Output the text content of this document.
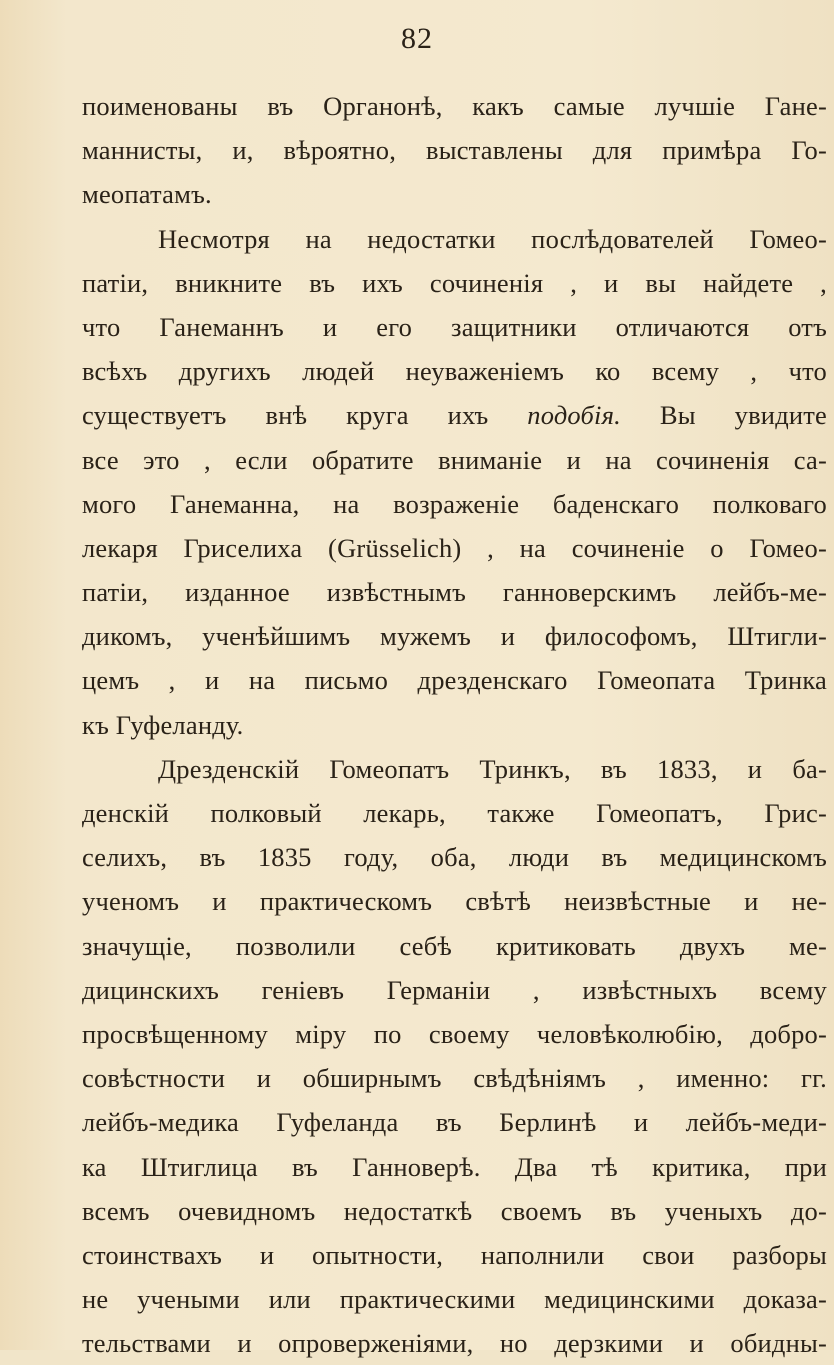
82
поименованы въ Органонѣ, какъ самые лучшіе Гане-
маннисты, и, вѣроятно, выставлены для примѣра Го-
меопатамъ.
Несмотря на недостатки послѣдователей Гомео-
патіи, вникните въ ихъ сочиненія , и вы найдете ,
что Ганеманнъ и его защитники отличаются отъ
всѣхъ другихъ людей неуваженіемъ ко всему , что
существуетъ внѣ круга ихъ подобія. Вы увидите
все это , если обратите вниманіе и на сочиненія са-
мого Ганеманна, на возраженіе баденскаго полковаго
лекаря Гриселиха (Grüsselich) , на сочиненіе о Гомео-
патіи, изданное извѣстнымъ ганноверскимъ лейбъ-ме-
дикомъ, ученѣйшимъ мужемъ и философомъ, Штигли-
цемъ , и на письмо дрезденскаго Гомеопата Тринка
къ Гуфеланду.
Дрезденскій Гомеопатъ Тринкъ, въ 1833, и ба-
денскій полковый лекарь, также Гомеопатъ, Грис-
селихъ, въ 1835 году, оба, люди въ медицинскомъ
ученомъ и практическомъ свѣтѣ неизвѣстные и не-
значущіе, позволили себѣ критиковать двухъ ме-
дицинскихъ геніевъ Германіи , извѣстныхъ всему
просвѣщенному міру по своему человѣколюбію, добро-
совѣстности и обширнымъ свѣдѣніямъ , именно: гг.
лейбъ-медика Гуфеланда въ Берлинѣ и лейбъ-меди-
ка Штиглица въ Ганноверѣ. Два тѣ критика, при
всемъ очевидномъ недостаткѣ своемъ въ ученыхъ до-
стоинствахъ и опытности, наполнили свои разборы
не учеными или практическими медицинскими доказа-
тельствами и опроверженіями, но дерзкими и обидны-
